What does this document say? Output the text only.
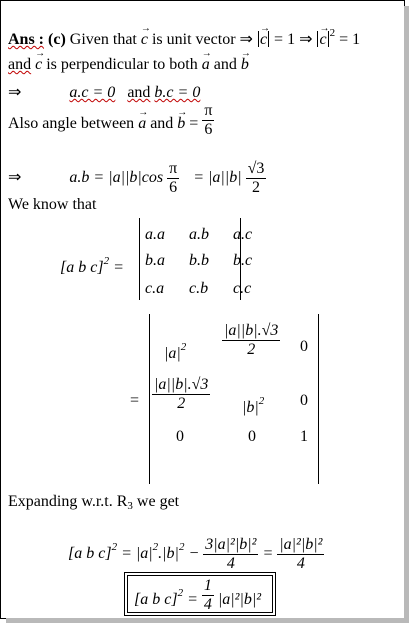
Ans : (c) Given that → c is unit vector ⇒ → c = 1 ⇒ → c $^2$ = 1
and → c is perpendicular to both → a and → b
⇒	a.c = 0 and b.c = 0
Also angle between → a and → $b = \frac{\pi}{6}$
⇒	$a.b = |a||b|\cos \frac{\pi}{6} = |a||b| \frac{√3}{2}$
We know that
[a b c]$^2$ =
a.a a.b a.c
b.a b.b b.c
c.a c.b c.c
=
$|a|^2 \frac{|a||b|.√3}{2} 0$
$\frac{|a||b|.√3}{2} |b|^2$ 0
0	0	1
Expanding w.r.t. $R_3$ we get
[a b $c]^2 = |a|^2.|b|^2 - \frac{\text{3|a|²|b|²}}{4} = \frac{\text{|a|²|b|²}}{4}$
[a b $c]^2 = \frac{1}{4} |a|^2|b|^2$
